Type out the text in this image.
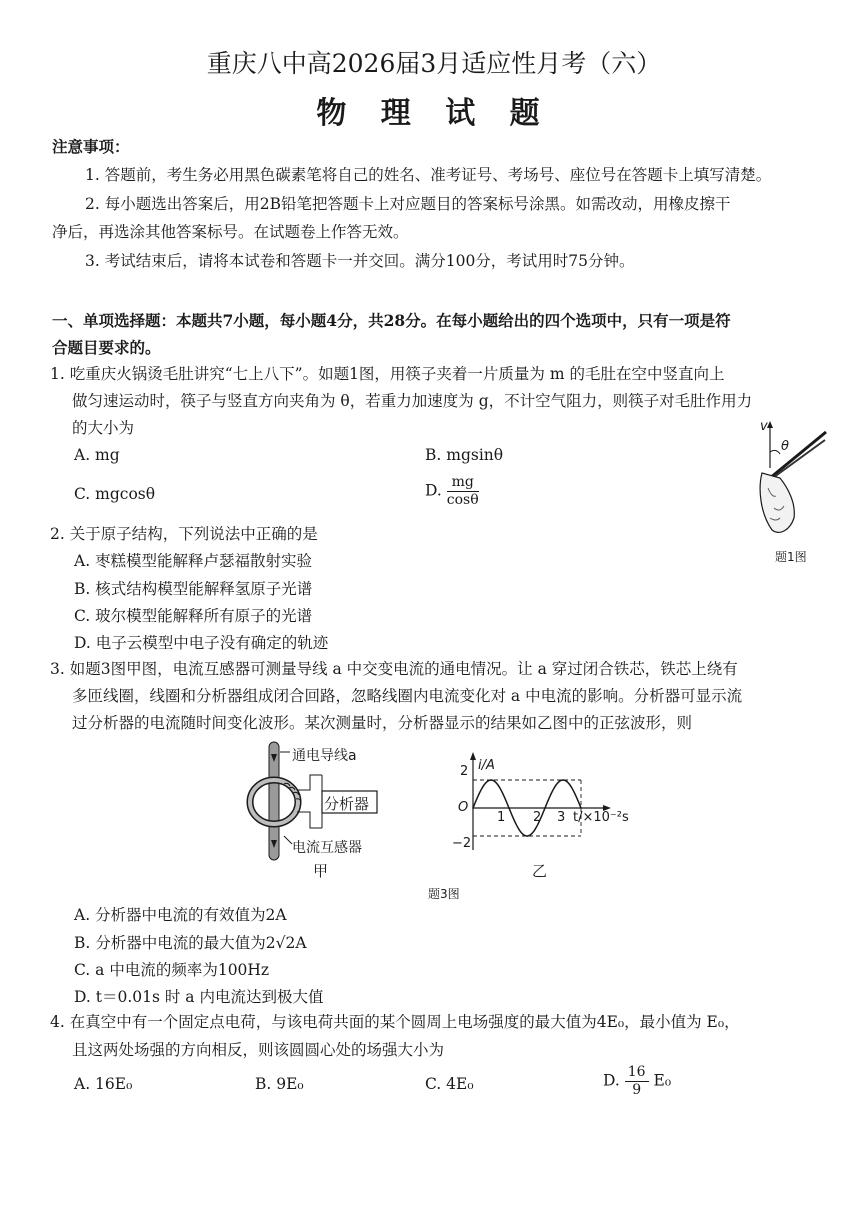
重庆八中高2026届3月适应性月考（六）
物 理 试 题
注意事项：
1. 答题前，考生务必用黑色碳素笔将自己的姓名、准考证号、考场号、座位号在答题卡上填写清楚。
2. 每小题选出答案后，用2B铅笔把答题卡上对应题目的答案标号涂黑。如需改动，用橡皮擦干
净后，再选涂其他答案标号。在试题卷上作答无效。
3. 考试结束后，请将本试卷和答题卡一并交回。满分100分，考试用时75分钟。
一、单项选择题：本题共7小题，每小题4分，共28分。在每小题给出的四个选项中，只有一项是符
合题目要求的。
1. 吃重庆火锅烫毛肚讲究“七上八下”。如题1图，用筷子夹着一片质量为 m 的毛肚在空中竖直向上
做匀速运动时，筷子与竖直方向夹角为 θ，若重力加速度为 g，不计空气阻力，则筷子对毛肚作用力
的大小为
A. mg	B. mgsinθ
C. mgcosθ	D. $\frac{mg}{\cos\theta}$
题1图
v
θ
2. 关于原子结构，下列说法中正确的是
A. 枣糕模型能解释卢瑟福散射实验
B. 核式结构模型能解释氢原子光谱
C. 玻尔模型能解释所有原子的光谱
D. 电子云模型中电子没有确定的轨迹
3. 如题3图甲图，电流互感器可测量导线 a 中交变电流的通电情况。让 a 穿过闭合铁芯，铁芯上绕有
多匝线圈，线圈和分析器组成闭合回路，忽略线圈内电流变化对 a 中电流的影响。分析器可显示流
过分析器的电流随时间变化波形。某次测量时，分析器显示的结果如乙图中的正弦波形，则
通电导线a
分析器
电流互感器
甲
i/A
2
O
−2
1 2 3 t/×10⁻²s
乙
题3图
A. 分析器中电流的有效值为2A
B. 分析器中电流的最大值为2√2A
C. a 中电流的频率为100Hz
D. t＝0.01s 时 a 内电流达到极大值
4. 在真空中有一个固定点电荷，与该电荷共面的某个圆周上电场强度的最大值为4E₀，最小值为 E₀，
且这两处场强的方向相反，则该圆圆心处的场强大小为
A. 16E₀	B. 9E₀	C. 4E₀	D. $\frac{16}{9} E_0$
